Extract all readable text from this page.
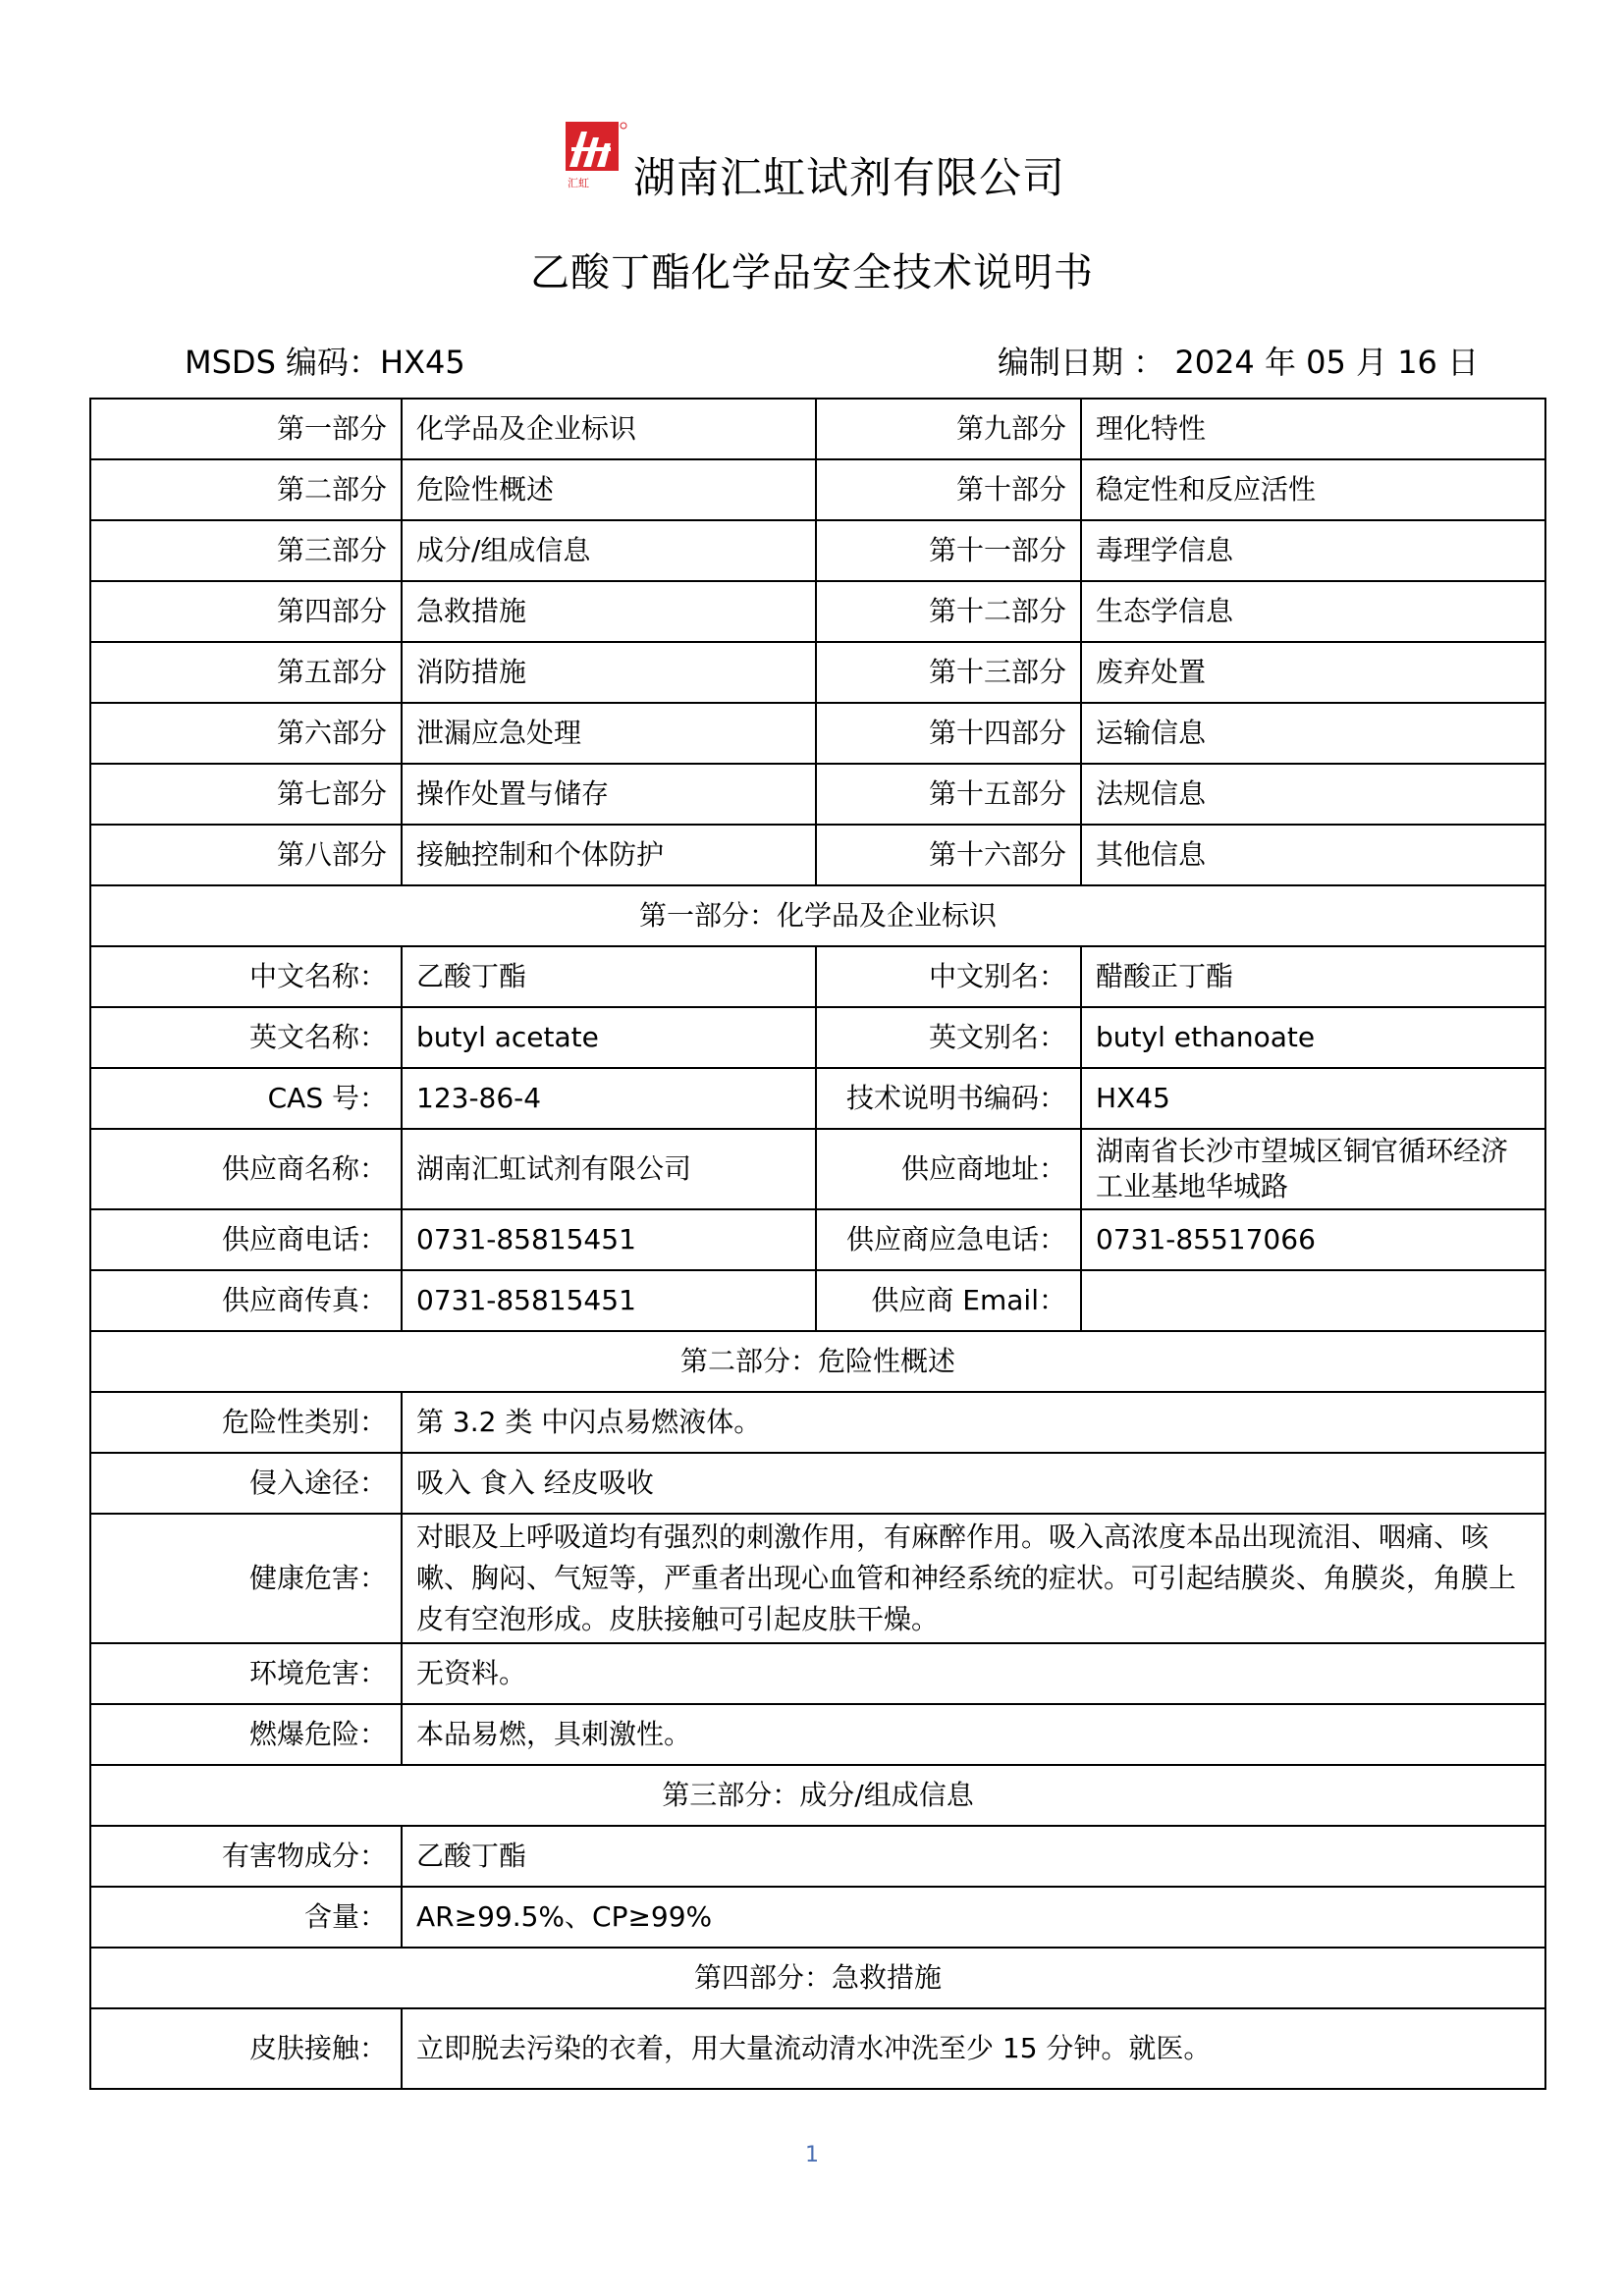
汇虹 湖南汇虹试剂有限公司
乙酸丁酯化学品安全技术说明书
MSDS 编码：HX45	编制日期 ： 2024 年 05 月 16 日
第一部分	化学品及企业标识	第九部分	理化特性
第二部分	危险性概述	第十部分	稳定性和反应活性
第三部分	成分/组成信息	第十一部分	毒理学信息
第四部分	急救措施	第十二部分	生态学信息
第五部分	消防措施	第十三部分	废弃处置
第六部分	泄漏应急处理	第十四部分	运输信息
第七部分	操作处置与储存	第十五部分	法规信息
第八部分	接触控制和个体防护	第十六部分	其他信息
第一部分：化学品及企业标识			
中文名称：	乙酸丁酯	中文别名：	醋酸正丁酯
英文名称：	butyl acetate	英文别名：	butyl ethanoate
CAS 号：	123-86-4	技术说明书编码：	HX45
供应商名称：	湖南汇虹试剂有限公司	供应商地址：	湖南省长沙市望城区铜官循环经济工业基地华城路
供应商电话：	0731-85815451	供应商应急电话：	0731-85517066
供应商传真：	0731-85815451	供应商 Email：	
第二部分：危险性概述			
危险性类别：	第 3.2 类 中闪点易燃液体。		
侵入途径：	吸入 食入 经皮吸收		
健康危害：	对眼及上呼吸道均有强烈的刺激作用，有麻醉作用。吸入高浓度本品出现流泪、咽痛、咳嗽、胸闷、气短等，严重者出现心血管和神经系统的症状。可引起结膜炎、角膜炎，角膜上皮有空泡形成。皮肤接触可引起皮肤干燥。		
环境危害：	无资料。		
燃爆危险：	本品易燃，具刺激性。		
第三部分：成分/组成信息			
有害物成分：	乙酸丁酯		
含量：	AR≥99.5%、CP≥99%		
第四部分：急救措施			
皮肤接触：	立即脱去污染的衣着，用大量流动清水冲洗至少 15 分钟。就医。		
1
